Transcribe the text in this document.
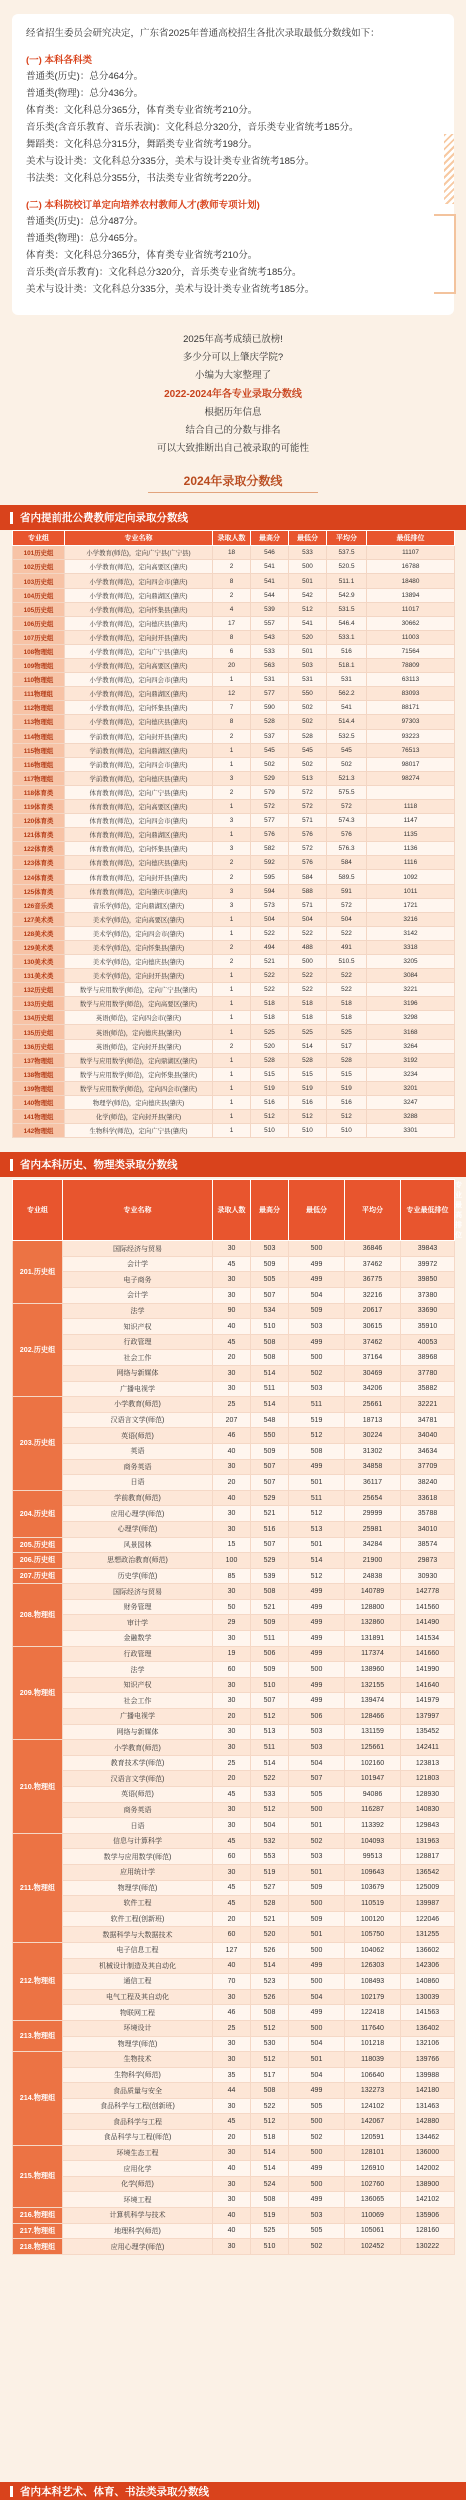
经省招生委员会研究决定，广东省2025年普通高校招生各批次录取最低分数线如下：

(一) 本科各科类

普通类(历史)：总分464分。

普通类(物理)：总分436分。

体育类：文化科总分365分，体育类专业省统考210分。

音乐类(含音乐教育、音乐表演)：文化科总分320分，音乐类专业省统考185分。

舞蹈类：文化科总分315分，舞蹈类专业省统考198分。

美术与设计类：文化科总分335分，美术与设计类专业省统考185分。

书法类：文化科总分355分，书法类专业省统考220分。

(二) 本科院校订单定向培养农村教师人才(教师专项计划)

普通类(历史)：总分487分。

普通类(物理)：总分465分。

体育类：文化科总分365分，体育类专业省统考210分。

音乐类(音乐教育)：文化科总分320分，音乐类专业省统考185分。

美术与设计类：文化科总分335分，美术与设计类专业省统考185分。

2025年高考成绩已放榜!
多少分可以上肇庆学院?
小编为大家整理了
2022-2024年各专业录取分数线
根据历年信息
结合自己的分数与排名
可以大致推断出自己被录取的可能性
2024年录取分数线
省内提前批公费教师定向录取分数线
专业组	专业名称	录取人数	最高分	最低分	平均分	最低排位
101历史组	小学教育(师范)，定向广宁县(广宁县)	18	546	533	537.5	11107
102历史组	小学教育(师范)，定向高要区(肇庆)	2	541	500	520.5	16788
103历史组	小学教育(师范)，定向四会市(肇庆)	8	541	501	511.1	18480
104历史组	小学教育(师范)，定向鼎湖区(肇庆)	2	544	542	542.9	13894
105历史组	小学教育(师范)，定向怀集县(肇庆)	4	539	512	531.5	11017
106历史组	小学教育(师范)，定向德庆县(肇庆)	17	557	541	546.4	30662
107历史组	小学教育(师范)，定向封开县(肇庆)	8	543	520	533.1	11003
108物理组	小学教育(师范)，定向广宁县(肇庆)	6	533	501	516	71564
109物理组	小学教育(师范)，定向高要区(肇庆)	20	563	503	518.1	78809
110物理组	小学教育(师范)，定向四会市(肇庆)	1	531	531	531	63113
111物理组	小学教育(师范)，定向鼎湖区(肇庆)	12	577	550	562.2	83093
112物理组	小学教育(师范)，定向怀集县(肇庆)	7	590	502	541	88171
113物理组	小学教育(师范)，定向德庆县(肇庆)	8	528	502	514.4	97303
114物理组	学前教育(师范)，定向封开县(肇庆)	2	537	528	532.5	93223
115物理组	学前教育(师范)，定向鼎湖区(肇庆)	1	545	545	545	76513
116物理组	学前教育(师范)，定向四会市(肇庆)	1	502	502	502	98017
117物理组	学前教育(师范)，定向德庆县(肇庆)	3	529	513	521.3	98274
118体育类	体育教育(师范)，定向广宁县(肇庆)	2	579	572	575.5	
119体育类	体育教育(师范)，定向高要区(肇庆)	1	572	572	572	1118
120体育类	体育教育(师范)，定向四会市(肇庆)	3	577	571	574.3	1147
121体育类	体育教育(师范)，定向鼎湖区(肇庆)	1	576	576	576	1135
122体育类	体育教育(师范)，定向怀集县(肇庆)	3	582	572	576.3	1136
123体育类	体育教育(师范)，定向德庆县(肇庆)	2	592	576	584	1116
124体育类	体育教育(师范)，定向封开县(肇庆)	2	595	584	589.5	1092
125体育类	体育教育(师范)，定向肇庆市(肇庆)	3	594	588	591	1011
126音乐类	音乐学(师范)，定向鼎湖区(肇庆)	3	573	571	572	1721
127美术类	美术学(师范)，定向高要区(肇庆)	1	504	504	504	3216
128美术类	美术学(师范)，定向四会市(肇庆)	1	522	522	522	3142
129美术类	美术学(师范)，定向怀集县(肇庆)	2	494	488	491	3318
130美术类	美术学(师范)，定向德庆县(肇庆)	2	521	500	510.5	3205
131美术类	美术学(师范)，定向封开县(肇庆)	1	522	522	522	3084
132历史组	数学与应用数学(师范)，定向广宁县(肇庆)	1	522	522	522	3221
133历史组	数学与应用数学(师范)，定向高要区(肇庆)	1	518	518	518	3196
134历史组	英语(师范)，定向四会市(肇庆)	1	518	518	518	3298
135历史组	英语(师范)，定向德庆县(肇庆)	1	525	525	525	3168
136历史组	英语(师范)，定向封开县(肇庆)	2	520	514	517	3264
137物理组	数学与应用数学(师范)，定向鼎湖区(肇庆)	1	528	528	528	3192
138物理组	数学与应用数学(师范)，定向怀集县(肇庆)	1	515	515	515	3234
139物理组	数学与应用数学(师范)，定向四会市(肇庆)	1	519	519	519	3201
140物理组	物理学(师范)，定向德庆县(肇庆)	1	516	516	516	3247
141物理组	化学(师范)，定向封开县(肇庆)	1	512	512	512	3288
142物理组	生物科学(师范)，定向广宁县(肇庆)	1	510	510	510	3301
省内本科历史、物理类录取分数线
专业组	专业名称	录取人数	最高分	最低分	平均分	专业最低排位	专业最高排位
201.历史组	国际经济与贸易	30	503	500	36846	39843	
	会计学	45	509	499	37462	39972	
	电子商务	30	505	499	36775	39850	
	会计学	30	507	504	32216	37380	
202.历史组	法学	90	534	509	20617	33690	
	知识产权	40	510	503	30615	35910	
	行政管理	45	508	499	37462	40053	
	社会工作	20	508	500	37164	38968	
	网络与新媒体	30	514	502	30469	37780	
	广播电视学	30	511	503	34206	35882	
203.历史组	小学教育(师范)	25	514	511	25661	32221	
	汉语言文学(师范)	207	548	519	18713	34781	
	英语(师范)	46	550	512	30224	34040	
	英语	40	509	508	31302	34634	
	商务英语	30	507	499	34858	37709	
	日语	20	507	501	36117	38240	
204.历史组	学前教育(师范)	40	529	511	25654	33618	
	应用心理学(师范)	30	521	512	29999	35788	
	心理学(师范)	30	516	513	25981	34010	
205.历史组	风景园林	15	507	501	34284	38574	
206.历史组	思想政治教育(师范)	100	529	514	21900	29873	
207.历史组	历史学(师范)	85	539	512	24838	30930	
208.物理组	国际经济与贸易	30	508	499	140789	142778	
	财务管理	50	521	499	128800	141560	
	审计学	29	509	499	132860	141490	
	金融数学	30	511	499	131891	141534	
209.物理组	行政管理	19	506	499	117374	141660	
	法学	60	509	500	138960	141990	
	知识产权	30	510	499	132155	141640	
	社会工作	30	507	499	139474	141979	
	广播电视学	20	512	506	128466	137997	
	网络与新媒体	30	513	503	131159	135452	
210.物理组	小学教育(师范)	30	511	503	125661	142411	
	教育技术学(师范)	25	514	504	102160	123813	
	汉语言文学(师范)	20	522	507	101947	121803	
	英语(师范)	45	533	505	94086	128930	
	商务英语	30	512	500	116287	140830	
	日语	30	504	501	113392	129843	
211.物理组	信息与计算科学	45	532	502	104093	131963	
	数学与应用数学(师范)	60	553	503	99513	128817	
	应用统计学	30	519	501	109643	136542	
	物理学(师范)	45	527	509	103679	125009	
	软件工程	45	528	500	110519	139987	
	软件工程(创新班)	20	521	509	100120	122046	
	数据科学与大数据技术	60	520	501	105750	131255	
212.物理组	电子信息工程	127	526	500	104062	136602	
	机械设计制造及其自动化	40	514	499	126303	142306	
	通信工程	70	523	500	108493	140860	
	电气工程及其自动化	30	526	504	102179	130039	
	物联网工程	46	508	499	122418	141563	
213.物理组	环境设计	25	512	500	117640	136402	
	物理学(师范)	30	530	504	101218	132106	
214.物理组	生物技术	30	512	501	118039	139766	
	生物科学(师范)	35	517	504	106640	139988	
	食品质量与安全	44	508	499	132273	142180	
	食品科学与工程(创新班)	30	522	505	124102	131463	
	食品科学与工程	45	512	500	142067	142880	
	食品科学与工程(师范)	20	518	502	120591	134462	
215.物理组	环境生态工程	30	514	500	128101	136000	
	应用化学	40	514	499	126910	142002	
	化学(师范)	30	524	500	102760	138900	
	环境工程	30	508	499	136065	142102	
216.物理组	计算机科学与技术	40	519	503	110069	135906	
217.物理组	地理科学(师范)	40	525	505	105061	128160	
218.物理组	应用心理学(师范)	30	510	502	102452	130222	
省内本科艺术、体育、书法类录取分数线
